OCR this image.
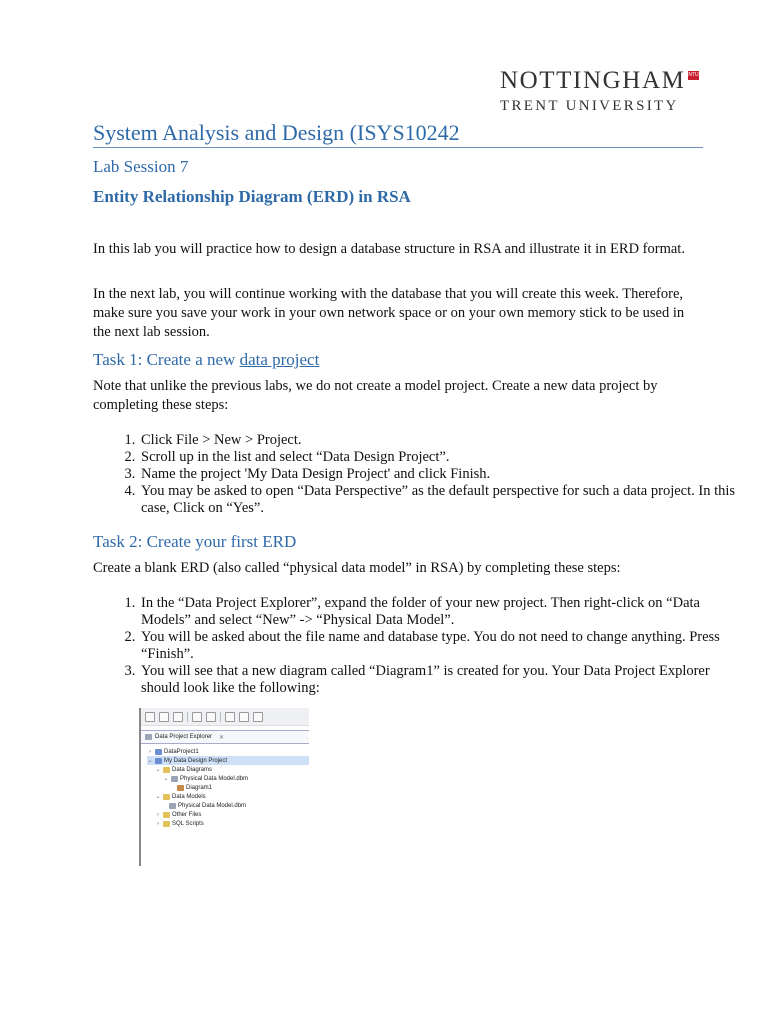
NOTTINGHAM
TRENT UNIVERSITY
NTU
System Analysis and Design (ISYS10242
Lab Session 7
Entity Relationship Diagram (ERD) in RSA

In this lab you will practice how to design a database structure in RSA and illustrate it in ERD format.

In the next lab, you will continue working with the database that you will create this week. Therefore, make sure you save your work in your own network space or on your own memory stick to be used in the next lab session.

Task 1: Create a new data project

Note that unlike the previous labs, we do not create a model project. Create a new data project by completing these steps:

1. Click File > New > Project.
2. Scroll up in the list and select “Data Design Project”.
3. Name the project 'My Data Design Project' and click Finish.
4. You may be asked to open “Data Perspective” as the default perspective for such a data project. In this case, Click on “Yes”.
Task 2: Create your first ERD

Create a blank ERD (also called “physical data model” in RSA) by completing these steps:

1. In the “Data Project Explorer”, expand the folder of your new project. Then right-click on “Data Models” and select “New” -> “Physical Data Model”.
2. You will be asked about the file name and database type. You do not need to change anything. Press “Finish”.
3. You will see that a new diagram called “Diagram1” is created for you. Your Data Project Explorer should look like the following:
Data Project Explorer ✕
›	DataProject1
⌄ My Data Design Project
⌄ Data Diagrams
⌄ Physical Data Model.dbm
Diagram1
⌄ Data Models
Physical Data Model.dbm
›	Other Files
›	SQL Scripts
